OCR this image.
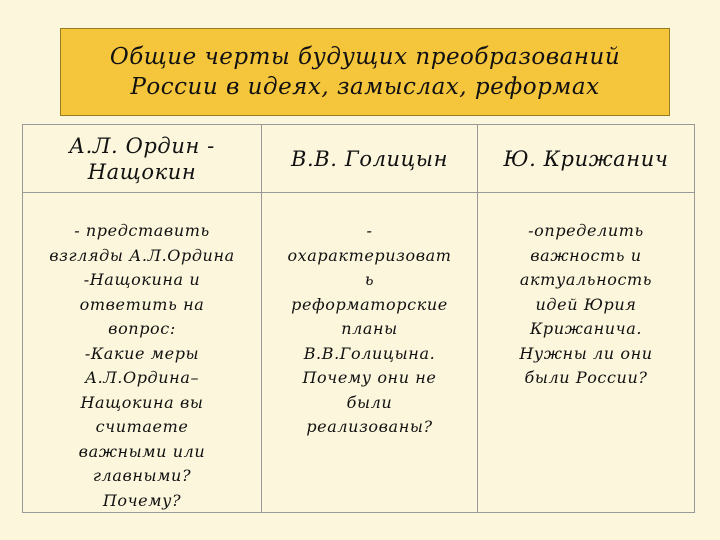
Общие черты будущих преобразований
России в идеях, замыслах, реформах
А.Л. Ордин -
Нащокин
В.В. Голицын	Ю. Крижанич
- представить
взгляды А.Л.Ордина
-Нащокина и
ответить на
вопрос:
-Какие меры
А.Л.Ордина–
Нащокина вы
считаете
важными или
главными?
Почему?
-
охарактеризоват
ь
реформаторские
планы
В.В.Голицына.
Почему они не
были
реализованы?
-определить
важность и
актуальность
идей Юрия
Крижанича.
Нужны ли они
были России?
